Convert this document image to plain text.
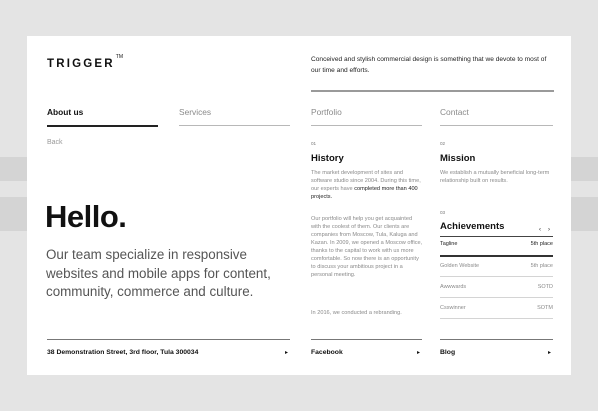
TRIGGER™	Conceived and stylish commercial design is something that we devote to most of our time and efforts.
About us	Services	Portfolio	Contact
Back
Hello.
Our team specialize in responsive websites and mobile apps for content, community, commerce and culture.
01
History
The market development of sites and software studio since 2004. During this time, our experts have completed more than 400 projects.
Our portfolio will help you get acquainted with the coolest of them. Our clients are companies from Moscow, Tula, Kaluga and Kazan. In 2009, we opened a Moscow office, thanks to the capital to work with us more comfortable. So now there is an opportunity to discuss your ambitious project in a personal meeting.
In 2016, we conducted a rebranding.
02
Mission
We establish a mutually beneficial long-term relationship built on results.
03
Achievements	‹ ›
Tagline	5th place
Golden Website	5th place
Awwwards	SOTD
Csswinner	SOTM
38 Demonstration Street, 3rd floor, Tula 300034	▸	Facebook	▸	Blog	▸
